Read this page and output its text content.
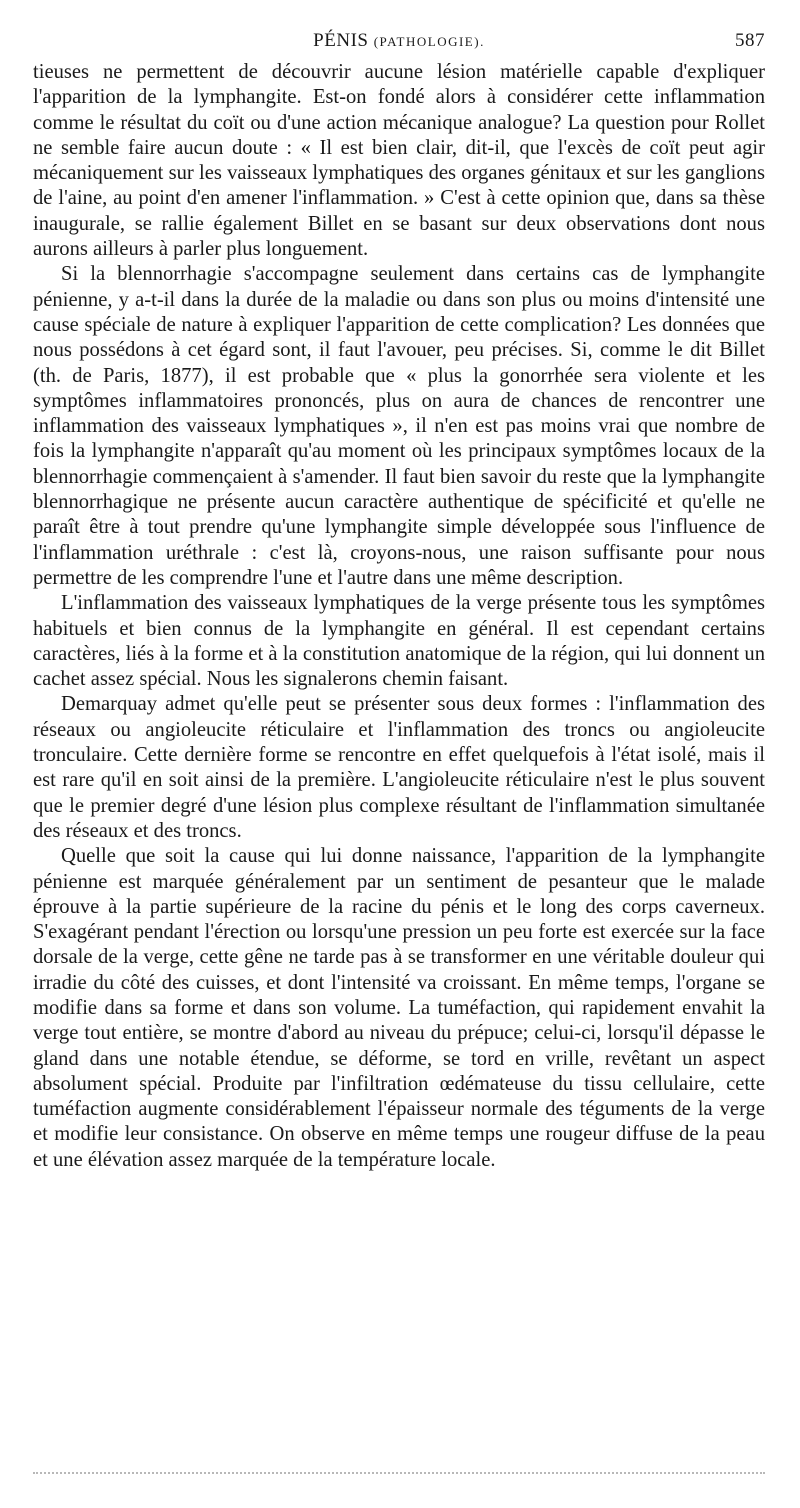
PÉNIS (PATHOLOGIE).	587

tieuses ne permettent de découvrir aucune lésion matérielle capable d'expliquer l'apparition de la lymphangite. Est-on fondé alors à considérer cette inflammation comme le résultat du coït ou d'une action mécanique analogue? La question pour Rollet ne semble faire aucun doute : « Il est bien clair, dit-il, que l'excès de coït peut agir mécaniquement sur les vaisseaux lymphatiques des organes génitaux et sur les ganglions de l'aine, au point d'en amener l'inflammation. » C'est à cette opinion que, dans sa thèse inaugurale, se rallie également Billet en se basant sur deux observations dont nous aurons ailleurs à parler plus longuement.

Si la blennorrhagie s'accompagne seulement dans certains cas de lymphangite pénienne, y a-t-il dans la durée de la maladie ou dans son plus ou moins d'intensité une cause spéciale de nature à expliquer l'apparition de cette complication? Les données que nous possédons à cet égard sont, il faut l'avouer, peu précises. Si, comme le dit Billet (th. de Paris, 1877), il est probable que « plus la gonorrhée sera violente et les symptômes inflammatoires prononcés, plus on aura de chances de rencontrer une inflammation des vaisseaux lymphatiques », il n'en est pas moins vrai que nombre de fois la lymphangite n'apparaît qu'au moment où les principaux symptômes locaux de la blennorrhagie commençaient à s'amender. Il faut bien savoir du reste que la lymphangite blennorrhagique ne présente aucun caractère authentique de spécificité et qu'elle ne paraît être à tout prendre qu'une lymphangite simple développée sous l'influence de l'inflammation uréthrale : c'est là, croyons-nous, une raison suffisante pour nous permettre de les comprendre l'une et l'autre dans une même description.

L'inflammation des vaisseaux lymphatiques de la verge présente tous les symptômes habituels et bien connus de la lymphangite en général. Il est cependant certains caractères, liés à la forme et à la constitution anatomique de la région, qui lui donnent un cachet assez spécial. Nous les signalerons chemin faisant.

Demarquay admet qu'elle peut se présenter sous deux formes : l'inflammation des réseaux ou angioleucite réticulaire et l'inflammation des troncs ou angioleucite tronculaire. Cette dernière forme se rencontre en effet quelquefois à l'état isolé, mais il est rare qu'il en soit ainsi de la première. L'angioleucite réticulaire n'est le plus souvent que le premier degré d'une lésion plus complexe résultant de l'inflammation simultanée des réseaux et des troncs.

Quelle que soit la cause qui lui donne naissance, l'apparition de la lymphangite pénienne est marquée généralement par un sentiment de pesanteur que le malade éprouve à la partie supérieure de la racine du pénis et le long des corps caverneux. S'exagérant pendant l'érection ou lorsqu'une pression un peu forte est exercée sur la face dorsale de la verge, cette gêne ne tarde pas à se transformer en une véritable douleur qui irradie du côté des cuisses, et dont l'intensité va croissant. En même temps, l'organe se modifie dans sa forme et dans son volume. La tuméfaction, qui rapidement envahit la verge tout entière, se montre d'abord au niveau du prépuce; celui-ci, lorsqu'il dépasse le gland dans une notable étendue, se déforme, se tord en vrille, revêtant un aspect absolument spécial. Produite par l'infiltration œdémateuse du tissu cellulaire, cette tuméfaction augmente considérablement l'épaisseur normale des téguments de la verge et modifie leur consistance. On observe en même temps une rougeur diffuse de la peau et une élévation assez marquée de la température locale.
